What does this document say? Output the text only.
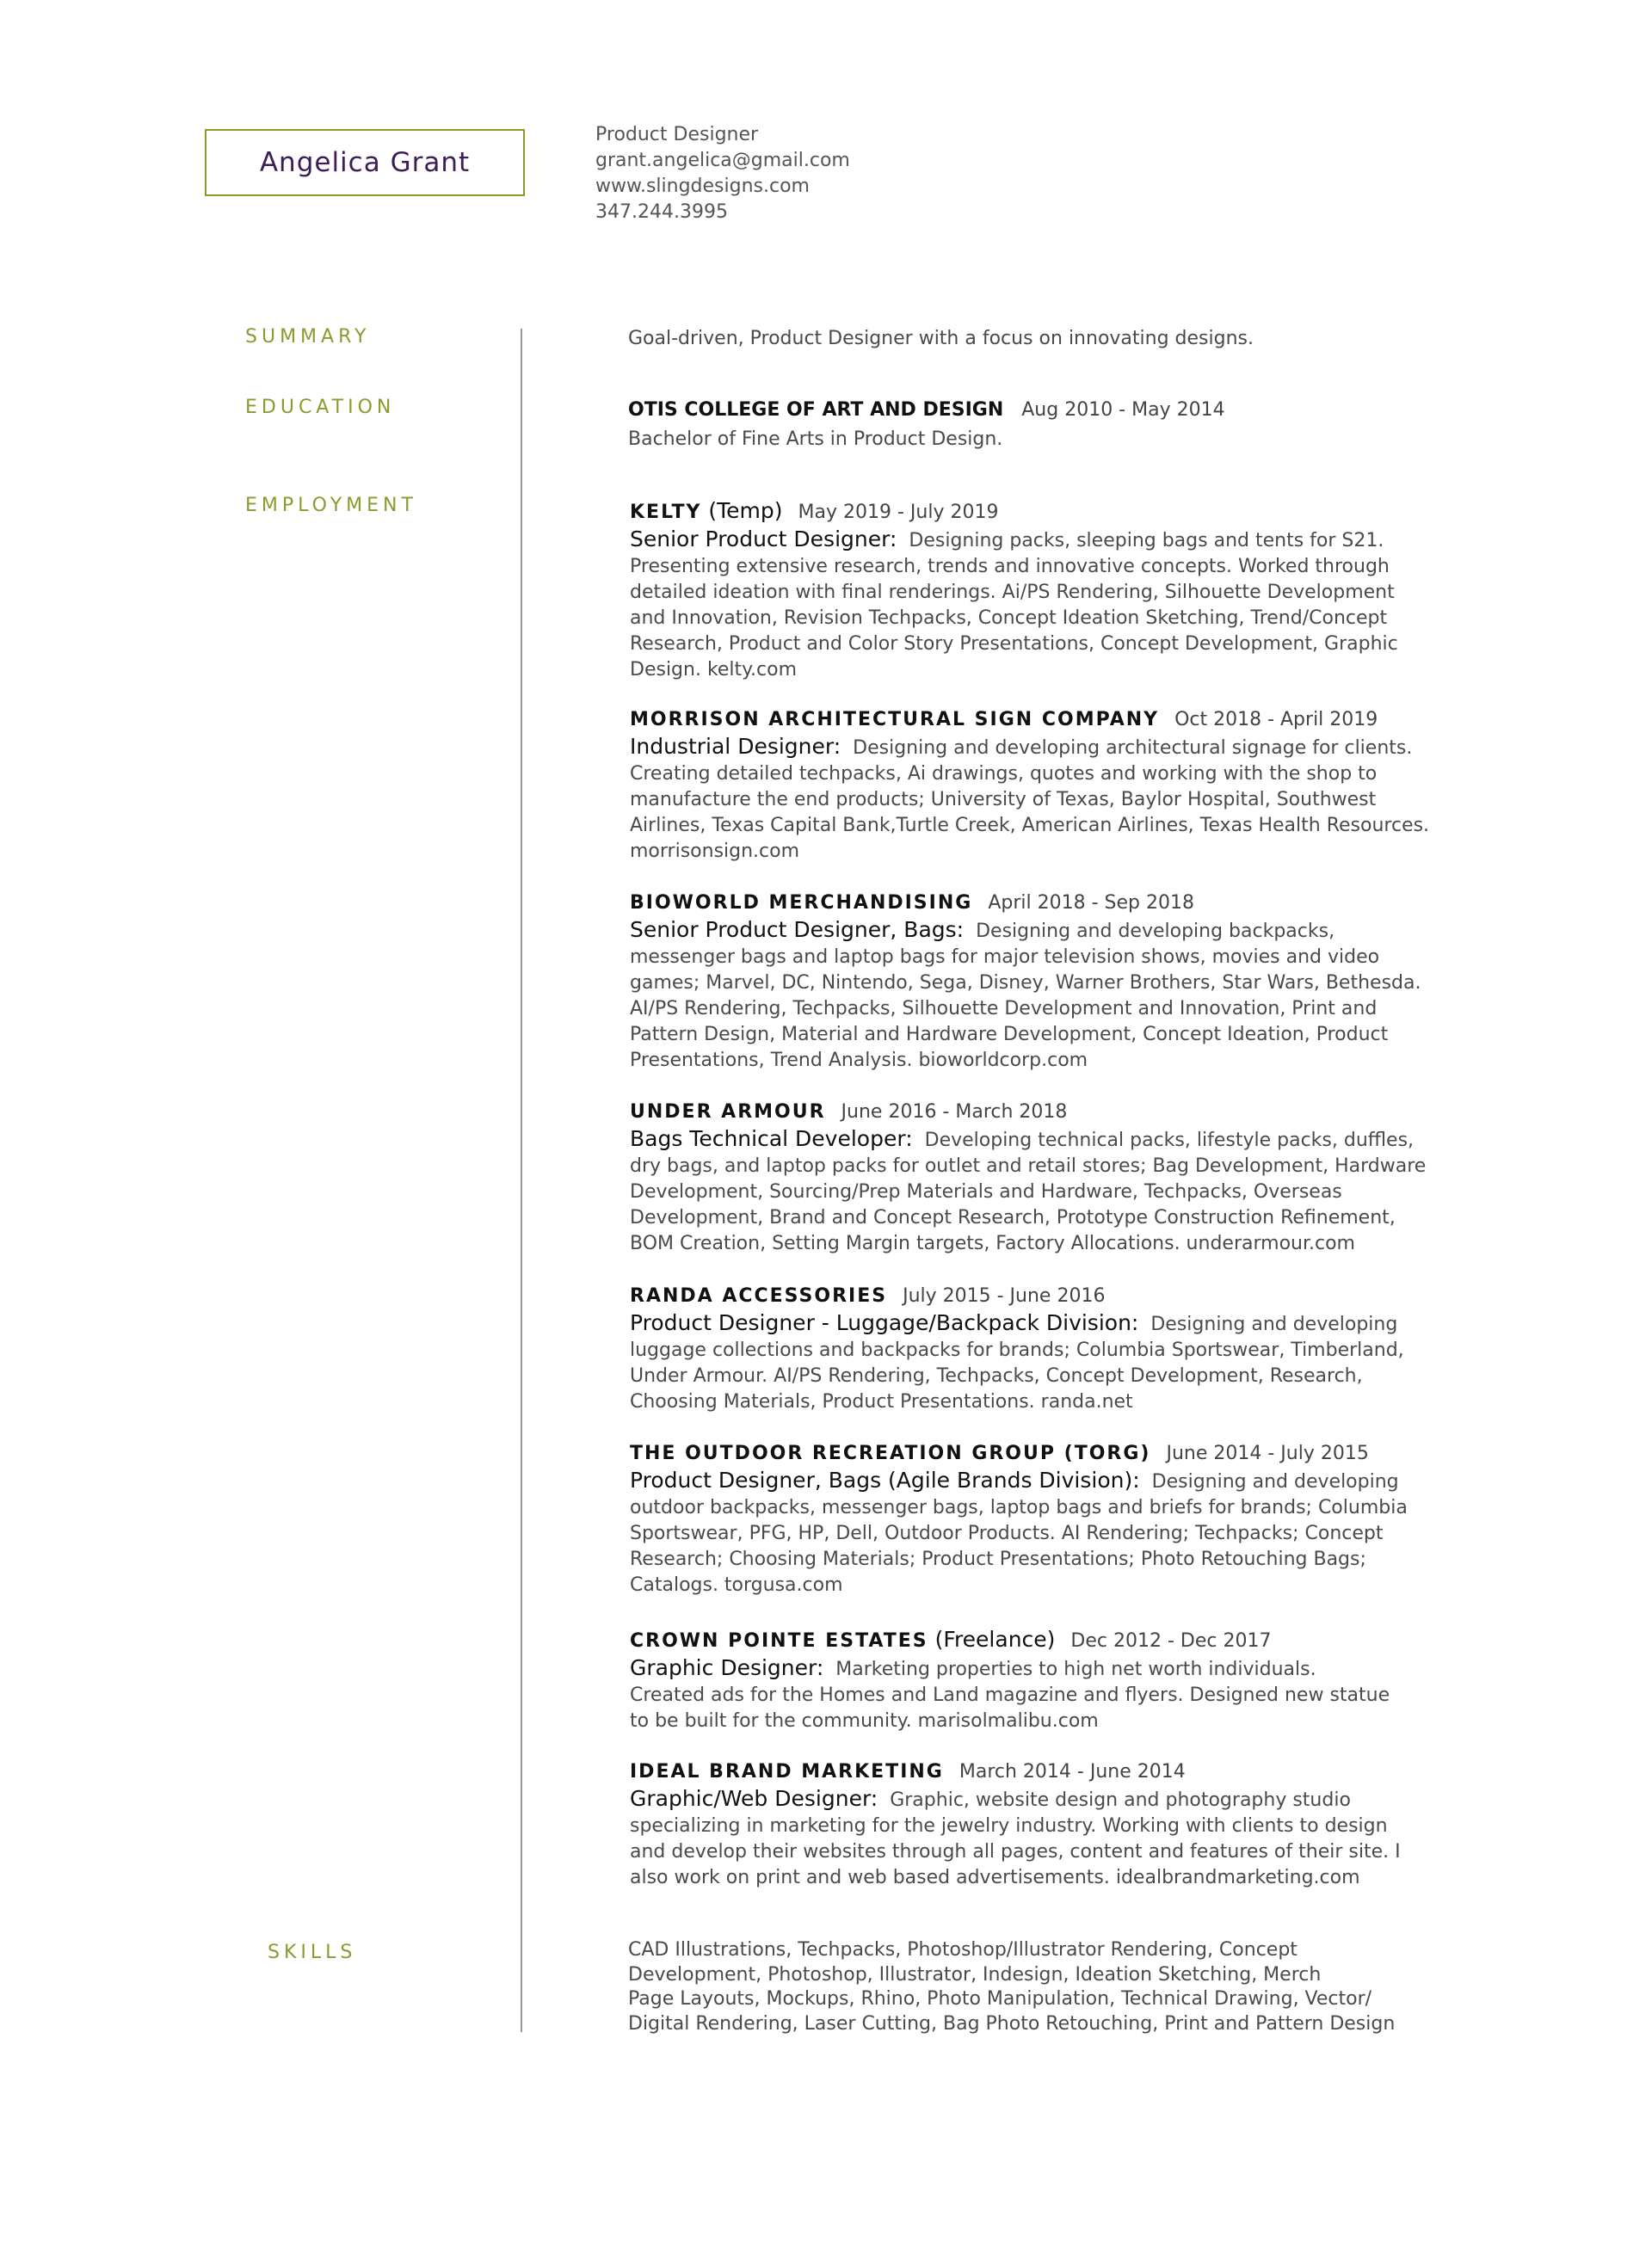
Angelica Grant
Product Designer
grant.angelica@gmail.com
www.slingdesigns.com
347.244.3995
SUMMARY
EDUCATION
EMPLOYMENT
SKILLS
Goal-driven, Product Designer with a focus on innovating designs.
OTIS COLLEGE OF ART AND DESIGN Aug 2010 - May 2014
Bachelor of Fine Arts in Product Design.
KELTY (Temp) May 2019 - July 2019
Senior Product Designer: Designing packs, sleeping bags and tents for S21.
Presenting extensive research, trends and innovative concepts. Worked through
detailed ideation with final renderings. Ai/PS Rendering, Silhouette Development
and Innovation, Revision Techpacks, Concept Ideation Sketching, Trend/Concept
Research, Product and Color Story Presentations, Concept Development, Graphic
Design. kelty.com
MORRISON ARCHITECTURAL SIGN COMPANY Oct 2018 - April 2019
Industrial Designer: Designing and developing architectural signage for clients.
Creating detailed techpacks, Ai drawings, quotes and working with the shop to
manufacture the end products; University of Texas, Baylor Hospital, Southwest
Airlines, Texas Capital Bank,Turtle Creek, American Airlines, Texas Health Resources.
morrisonsign.com
BIOWORLD MERCHANDISING April 2018 - Sep 2018
Senior Product Designer, Bags: Designing and developing backpacks,
messenger bags and laptop bags for major television shows, movies and video
games; Marvel, DC, Nintendo, Sega, Disney, Warner Brothers, Star Wars, Bethesda.
AI/PS Rendering, Techpacks, Silhouette Development and Innovation, Print and
Pattern Design, Material and Hardware Development, Concept Ideation, Product
Presentations, Trend Analysis. bioworldcorp.com
UNDER ARMOUR June 2016 - March 2018
Bags Technical Developer: Developing technical packs, lifestyle packs, duffles,
dry bags, and laptop packs for outlet and retail stores; Bag Development, Hardware
Development, Sourcing/Prep Materials and Hardware, Techpacks, Overseas
Development, Brand and Concept Research, Prototype Construction Refinement,
BOM Creation, Setting Margin targets, Factory Allocations. underarmour.com
RANDA ACCESSORIES July 2015 - June 2016
Product Designer - Luggage/Backpack Division: Designing and developing
luggage collections and backpacks for brands; Columbia Sportswear, Timberland,
Under Armour. AI/PS Rendering, Techpacks, Concept Development, Research,
Choosing Materials, Product Presentations. randa.net
THE OUTDOOR RECREATION GROUP (TORG) June 2014 - July 2015
Product Designer, Bags (Agile Brands Division): Designing and developing
outdoor backpacks, messenger bags, laptop bags and briefs for brands; Columbia
Sportswear, PFG, HP, Dell, Outdoor Products. AI Rendering; Techpacks; Concept
Research; Choosing Materials; Product Presentations; Photo Retouching Bags;
Catalogs. torgusa.com
CROWN POINTE ESTATES (Freelance) Dec 2012 - Dec 2017
Graphic Designer: Marketing properties to high net worth individuals.
Created ads for the Homes and Land magazine and flyers. Designed new statue
to be built for the community. marisolmalibu.com
IDEAL BRAND MARKETING March 2014 - June 2014
Graphic/Web Designer: Graphic, website design and photography studio
specializing in marketing for the jewelry industry. Working with clients to design
and develop their websites through all pages, content and features of their site. I
also work on print and web based advertisements. idealbrandmarketing.com
CAD Illustrations, Techpacks, Photoshop/Illustrator Rendering, Concept
Development, Photoshop, Illustrator, Indesign, Ideation Sketching, Merch
Page Layouts, Mockups, Rhino, Photo Manipulation, Technical Drawing, Vector/
Digital Rendering, Laser Cutting, Bag Photo Retouching, Print and Pattern Design
